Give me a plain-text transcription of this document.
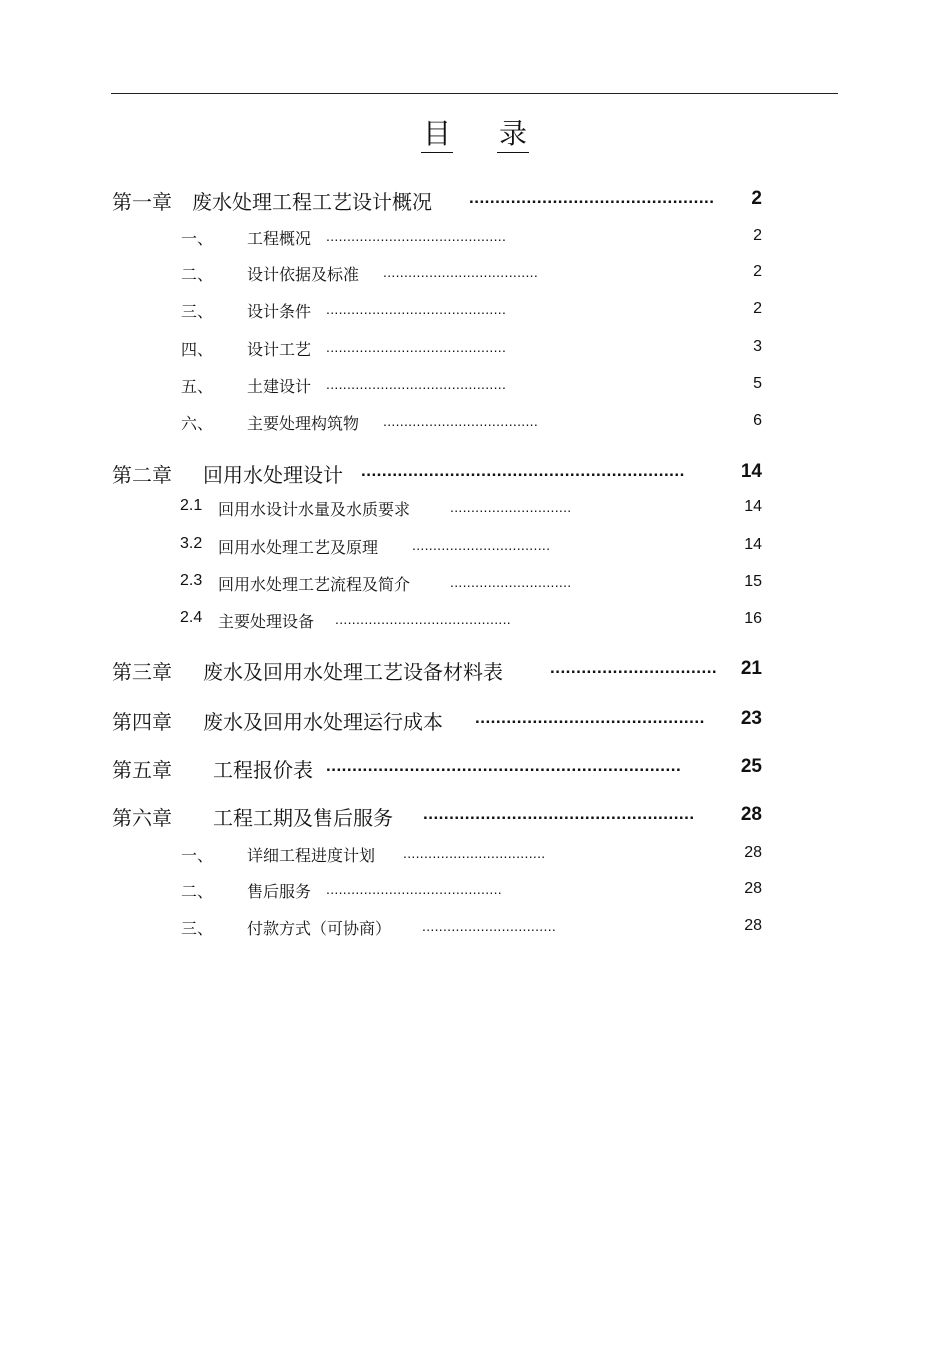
目 录
第一章 废水处理工程工艺设计概况 ...............................................	2
一、 工程概况 ...........................................	2
二、 设计依据及标准 .....................................	2
三、 设计条件 ...........................................	2
四、 设计工艺 ...........................................	3
五、 土建设计 ...........................................	5
六、 主要处理构筑物 .....................................	6
第二章 回用水处理设计 ..............................................................	14
2.1 回用水设计水量及水质要求	.............................	14
3.2 回用水处理工艺及原理 .................................	14
2.3 回用水处理工艺流程及简介	.............................	15
2.4 主要处理设备 ..........................................	16
第三章 废水及回用水处理工艺设备材料表	................................	21
第四章 废水及回用水处理运行成本 ............................................	23
第五章 工程报价表 ....................................................................	25
第六章 工程工期及售后服务 ....................................................	28
一、 详细工程进度计划 ..................................	28
二、 售后服务 ..........................................	28
三、 付款方式（可协商） ................................	28
